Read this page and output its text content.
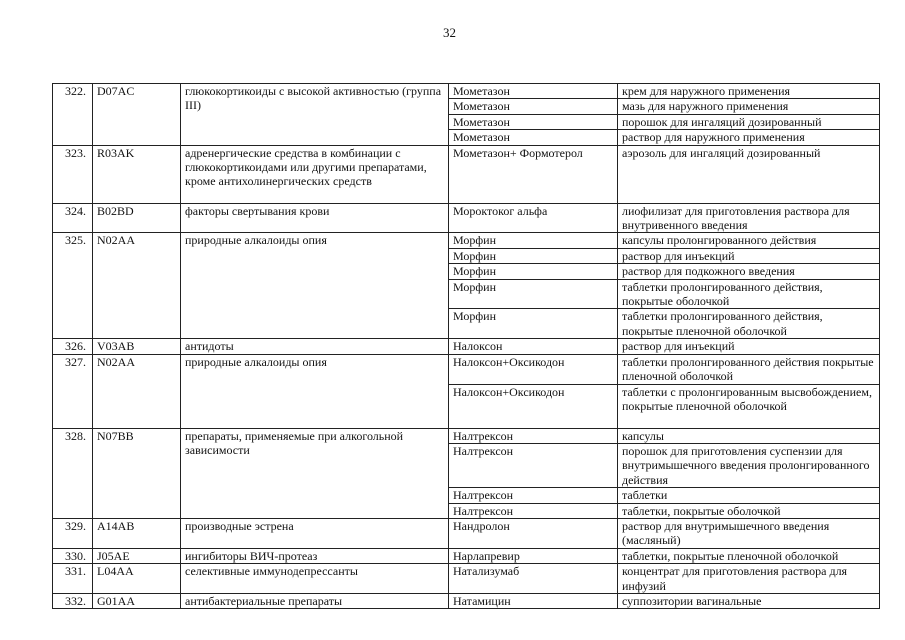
32
322.	D07AC	глюкокортикоиды с высокой активностью (группа III)	Мометазон	крем для наружного применения
			Мометазон	мазь для наружного применения
			Мометазон	порошок для ингаляций дозированный
			Мометазон	раствор для наружного применения
323.	R03AK	адренергические средства в комбинации с глюкокортикоидами или другими препаратами, кроме антихолинергических средств	Мометазон+ Формотерол	аэрозоль для ингаляций дозированный
324.	B02BD	факторы свертывания крови	Мороктоког альфа	лиофилизат для приготовления раствора для внутривенного введения
325.	N02AA	природные алкалоиды опия	Морфин	капсулы пролонгированного действия
			Морфин	раствор для инъекций
			Морфин	раствор для подкожного введения
			Морфин	таблетки пролонгированного действия, покрытые оболочкой
			Морфин	таблетки пролонгированного действия, покрытые пленочной оболочкой
326.	V03AB	антидоты	Налоксон	раствор для инъекций
327.	N02AA	природные алкалоиды опия	Налоксон+Оксикодон	таблетки пролонгированного действия покрытые пленочной оболочкой
			Налоксон+Оксикодон	таблетки с пролонгированным высвобождением, покрытые пленочной оболочкой
328.	N07BB	препараты, применяемые при алкогольной зависимости	Налтрексон	капсулы
			Налтрексон	порошок для приготовления суспензии для внутримышечного введения пролонгированного действия
			Налтрексон	таблетки
			Налтрексон	таблетки, покрытые оболочкой
329.	A14AB	производные эстрена	Нандролон	раствор для внутримышечного введения (масляный)
330.	J05AE	ингибиторы ВИЧ-протеаз	Нарлапревир	таблетки, покрытые пленочной оболочкой
331.	L04AA	селективные иммунодепрессанты	Натализумаб	концентрат для приготовления раствора для инфузий
332.	G01AA	антибактериальные препараты	Натамицин	суппозитории вагинальные
